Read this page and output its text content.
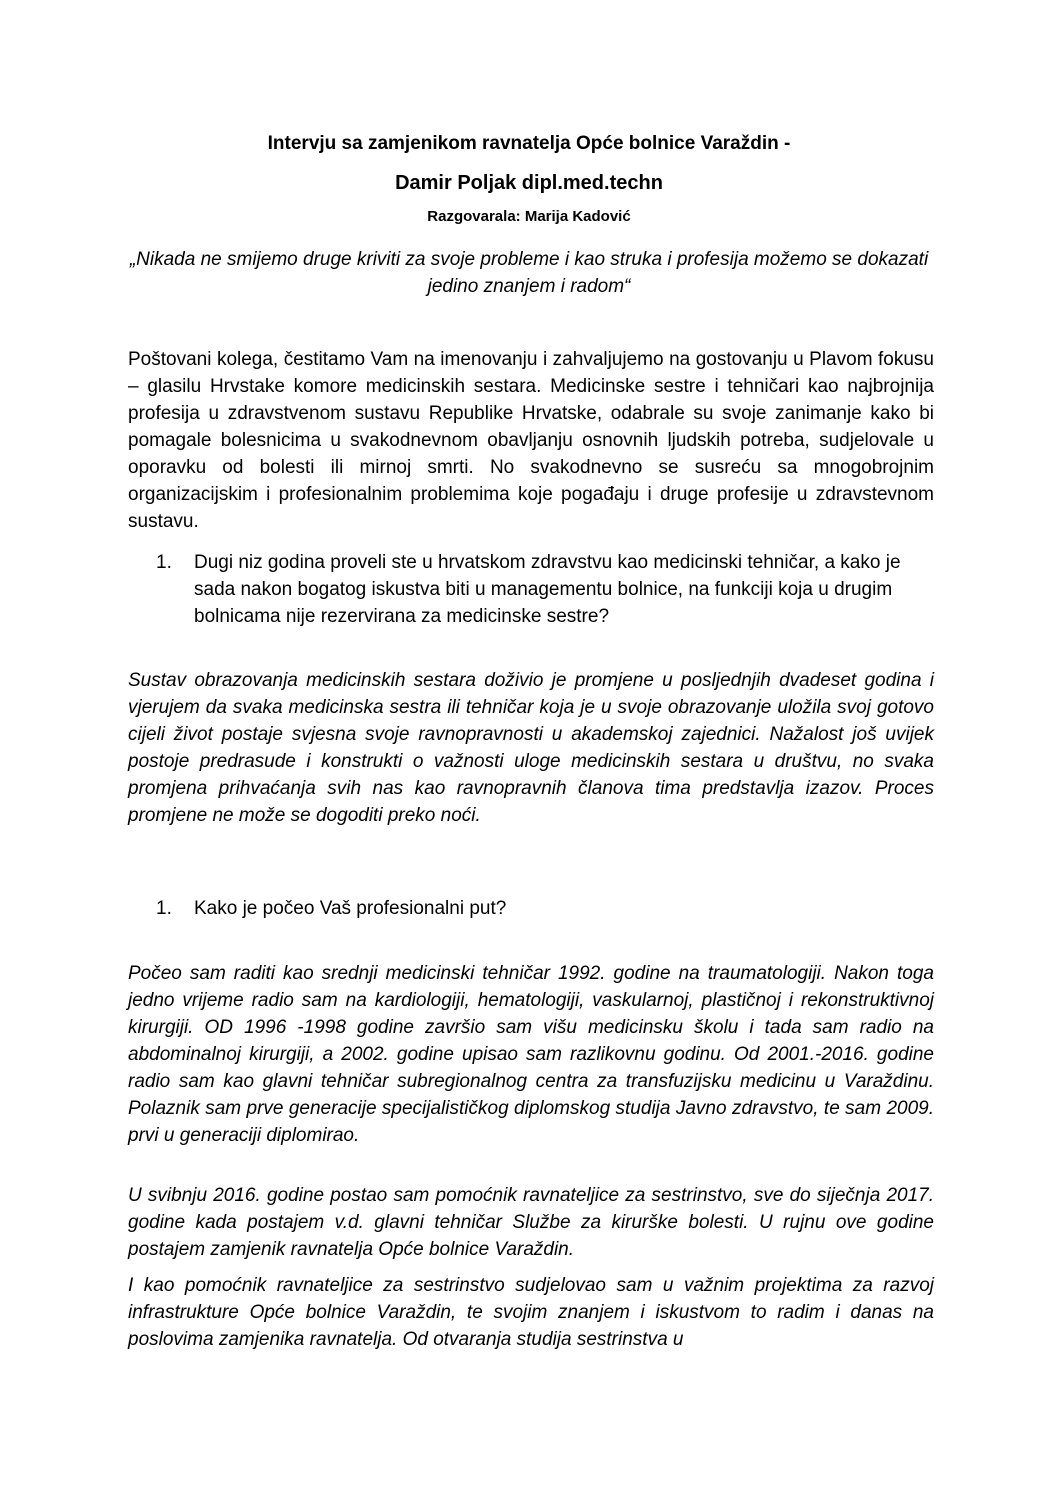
Intervju sa zamjenikom ravnatelja Opće bolnice Varaždin -
Damir Poljak dipl.med.techn
Razgovarala: Marija Kadović
„Nikada ne smijemo druge kriviti za svoje probleme i kao struka i profesija možemo se dokazati jedino znanjem i radom“

Poštovani kolega, čestitamo Vam na imenovanju i zahvaljujemo na gostovanju u Plavom fokusu – glasilu Hrvstake komore medicinskih sestara. Medicinske sestre i tehničari kao najbrojnija profesija u zdravstvenom sustavu Republike Hrvatske, odabrale su svoje zanimanje kako bi pomagale bolesnicima u svakodnevnom obavljanju osnovnih ljudskih potreba, sudjelovale u oporavku od bolesti ili mirnoj smrti. No svakodnevno se susreću sa mnogobrojnim organizacijskim i profesionalnim problemima koje pogađaju i druge profesije u zdravstevnom sustavu.

1. Dugi niz godina proveli ste u hrvatskom zdravstvu kao medicinski tehničar, a kako je sada nakon bogatog iskustva biti u managementu bolnice, na funkciji koja u drugim bolnicama nije rezervirana za medicinske sestre?

Sustav obrazovanja medicinskih sestara doživio je promjene u posljednjih dvadeset godina i vjerujem da svaka medicinska sestra ili tehničar koja je u svoje obrazovanje uložila svoj gotovo cijeli život postaje svjesna svoje ravnopravnosti u akademskoj zajednici. Nažalost još uvijek postoje predrasude i konstrukti o važnosti uloge medicinskih sestara u društvu, no svaka promjena prihvaćanja svih nas kao ravnopravnih članova tima predstavlja izazov. Proces promjene ne može se dogoditi preko noći.

1. Kako je počeo Vaš profesionalni put?

Počeo sam raditi kao srednji medicinski tehničar 1992. godine na traumatologiji. Nakon toga jedno vrijeme radio sam na kardiologiji, hematologiji, vaskularnoj, plastičnoj i rekonstruktivnoj kirurgiji. OD 1996 -1998 godine završio sam višu medicinsku školu i tada sam radio na abdominalnoj kirurgiji, a 2002. godine upisao sam razlikovnu godinu. Od 2001.-2016. godine radio sam kao glavni tehničar subregionalnog centra za transfuzijsku medicinu u Varaždinu. Polaznik sam prve generacije specijalističkog diplomskog studija Javno zdravstvo, te sam 2009. prvi u generaciji diplomirao.

U svibnju 2016. godine postao sam pomoćnik ravnateljice za sestrinstvo, sve do siječnja 2017. godine kada postajem v.d. glavni tehničar Službe za kirurške bolesti. U rujnu ove godine postajem zamjenik ravnatelja Opće bolnice Varaždin.

I kao pomoćnik ravnateljice za sestrinstvo sudjelovao sam u važnim projektima za razvoj infrastrukture Opće bolnice Varaždin, te svojim znanjem i iskustvom to radim i danas na poslovima zamjenika ravnatelja. Od otvaranja studija sestrinstva u
